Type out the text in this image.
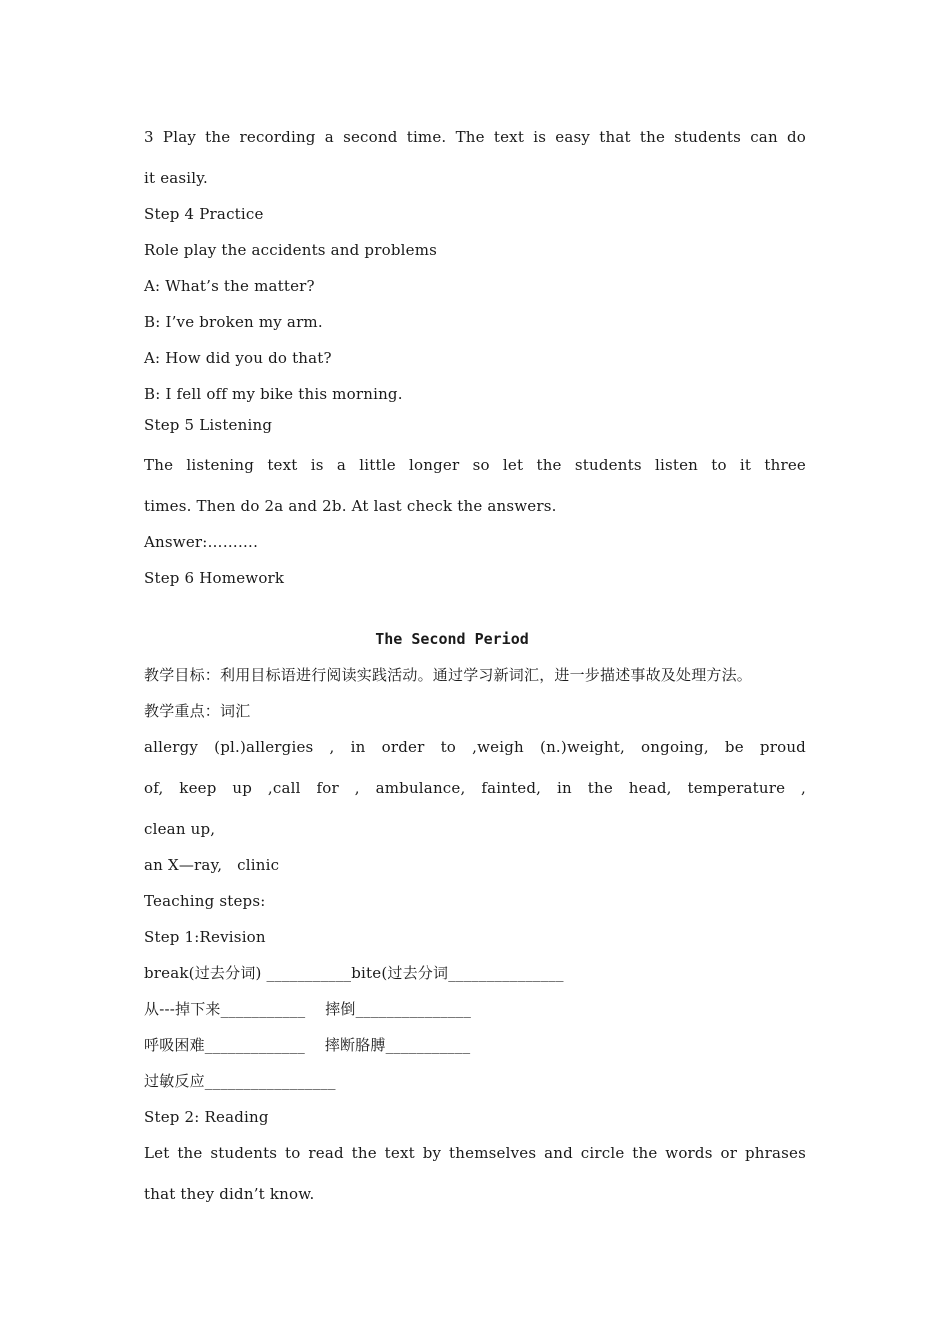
3 Play the recording a second time. The text is easy that the students can do
it easily.
Step 4 Practice
Role play the accidents and problems
A: What’s the matter?
B: I’ve broken my arm.
A: How did you do that?
B: I fell off my bike this morning.
Step 5 Listening
The listening text is a little longer so let the students listen to it three
times. Then do 2a and 2b. At last check the answers.
Answer:……….
Step 6 Homework
The Second Period
教学目标：利用目标语进行阅读实践活动。通过学习新词汇，进一步描述事故及处理方法。
教学重点：词汇
allergy (pl.)allergies , in order to ,weigh (n.)weight, ongoing, be proud
of, keep up ,call for , ambulance, fainted, in the head, temperature ,
clean up,
an X—ray,   clinic
Teaching steps:
Step 1:Revision
break(过去分词) ___________bite(过去分词_______________
从---掉下来___________    摔倒_______________
呼吸困难_____________    摔断胳膊___________
过敏反应_________________
Step 2: Reading
Let the students to read the text by themselves and circle the words or phrases
that they didn’t know.
